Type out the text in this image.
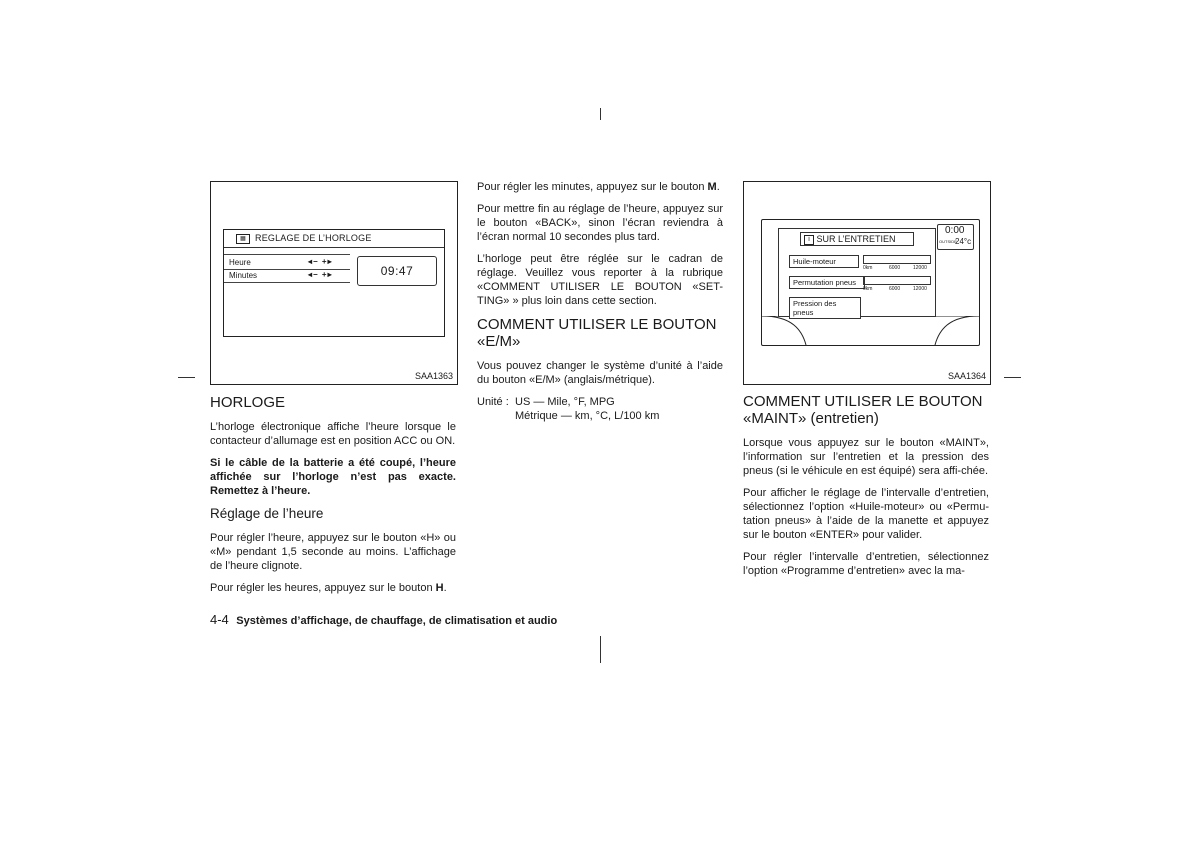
▦	REGLAGE DE L’HORLOGE
Heure	◂− +▸
Minutes	◂− +▸	09:47
SAA1363
i SUR L’ENTRETIEN
Huile-moteur
0km	6000	12000
Permutation pneus
0km	6000	12000
Pression des pneus
0:00
OUTSIDE
24°c
SAA1364
HORLOGE

L’horloge électronique affiche l’heure lorsque le contacteur d’allumage est en position ACC ou ON.

Si le câble de la batterie a été coupé, l’heure affichée sur l’horloge n’est pas exacte. Remettez à l’heure.

Réglage de l’heure

Pour régler l’heure, appuyez sur le bouton «H» ou «M» pendant 1,5 seconde au moins. L’affichage de l’heure clignote.

Pour régler les heures, appuyez sur le bouton H.

Pour régler les minutes, appuyez sur le bouton M.

Pour mettre fin au réglage de l’heure, appuyez sur le bouton «BACK», sinon l’écran reviendra à l’écran normal 10 secondes plus tard.

L’horloge peut être réglée sur le cadran de réglage. Veuillez vous reporter à la rubrique «COMMENT UTILISER LE BOUTON «SET-TING» » plus loin dans cette section.

COMMENT UTILISER LE BOUTON
«E/M»

Vous pouvez changer le système d’unité à l’aide du bouton «E/M» (anglais/métrique).

Unité : US — Mile, °F, MPG
Métrique — km, °C, L/100 km
COMMENT UTILISER LE BOUTON
«MAINT» (entretien)

Lorsque vous appuyez sur le bouton «MAINT», l’information sur l’entretien et la pression des pneus (si le véhicule en est équipé) sera affi-chée.

Pour afficher le réglage de l’intervalle d’entretien, sélectionnez l’option «Huile-moteur» ou «Permu-tation pneus» à l’aide de la manette et appuyez sur le bouton «ENTER» pour valider.

Pour régler l’intervalle d’entretien, sélectionnez l’option «Programme d’entretien» avec la ma-

4-4 Systèmes d’affichage, de chauffage, de climatisation et audio
